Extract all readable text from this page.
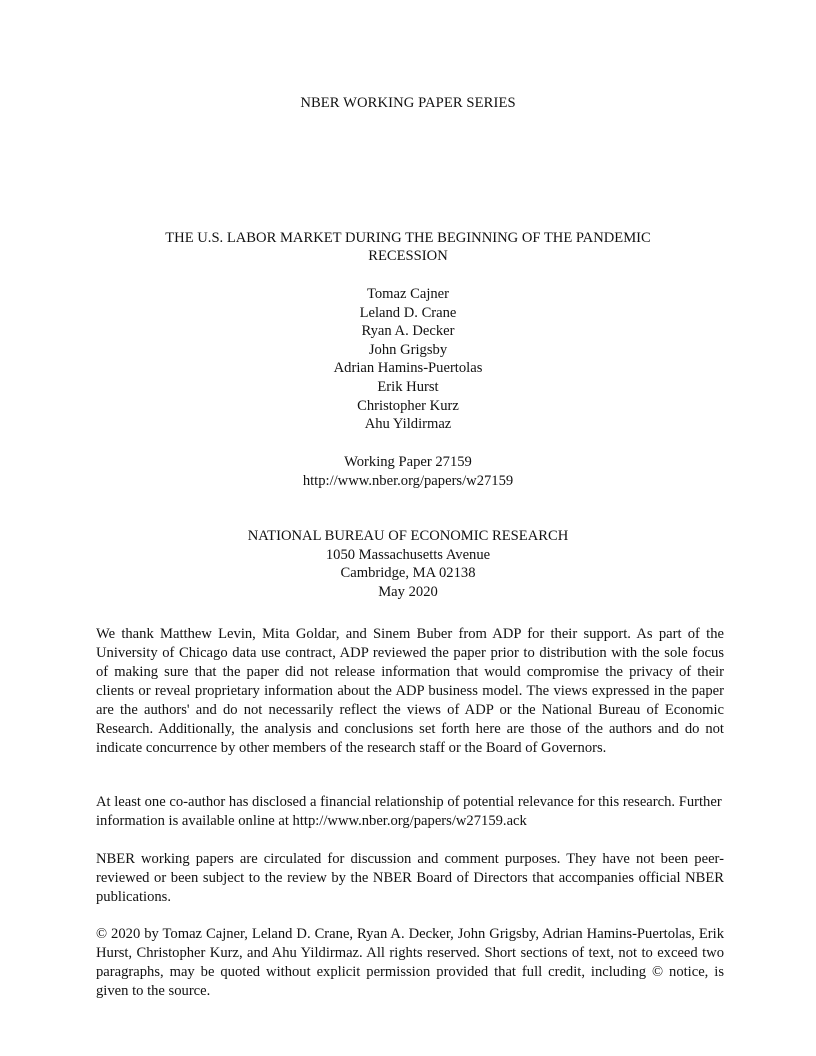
NBER WORKING PAPER SERIES
THE U.S. LABOR MARKET DURING THE BEGINNING OF THE PANDEMIC
RECESSION
Tomaz Cajner
Leland D. Crane
Ryan A. Decker
John Grigsby
Adrian Hamins-Puertolas
Erik Hurst
Christopher Kurz
Ahu Yildirmaz
Working Paper 27159
http://www.nber.org/papers/w27159
NATIONAL BUREAU OF ECONOMIC RESEARCH
1050 Massachusetts Avenue
Cambridge, MA 02138
May 2020

We thank Matthew Levin, Mita Goldar, and Sinem Buber from ADP for their support. As part of the University of Chicago data use contract, ADP reviewed the paper prior to distribution with the sole focus of making sure that the paper did not release information that would compromise the privacy of their clients or reveal proprietary information about the ADP business model. The views expressed in the paper are the authors' and do not necessarily reflect the views of ADP or the National Bureau of Economic Research. Additionally, the analysis and conclusions set forth here are those of the authors and do not indicate concurrence by other members of the research staff or the Board of Governors.

At least one co-author has disclosed a financial relationship of potential relevance for this research. Further information is available online at http://www.nber.org/papers/w27159.ack

NBER working papers are circulated for discussion and comment purposes. They have not been peer-reviewed or been subject to the review by the NBER Board of Directors that accompanies official NBER publications.

© 2020 by Tomaz Cajner, Leland D. Crane, Ryan A. Decker, John Grigsby, Adrian Hamins-Puertolas, Erik Hurst, Christopher Kurz, and Ahu Yildirmaz. All rights reserved. Short sections of text, not to exceed two paragraphs, may be quoted without explicit permission provided that full credit, including © notice, is given to the source.
